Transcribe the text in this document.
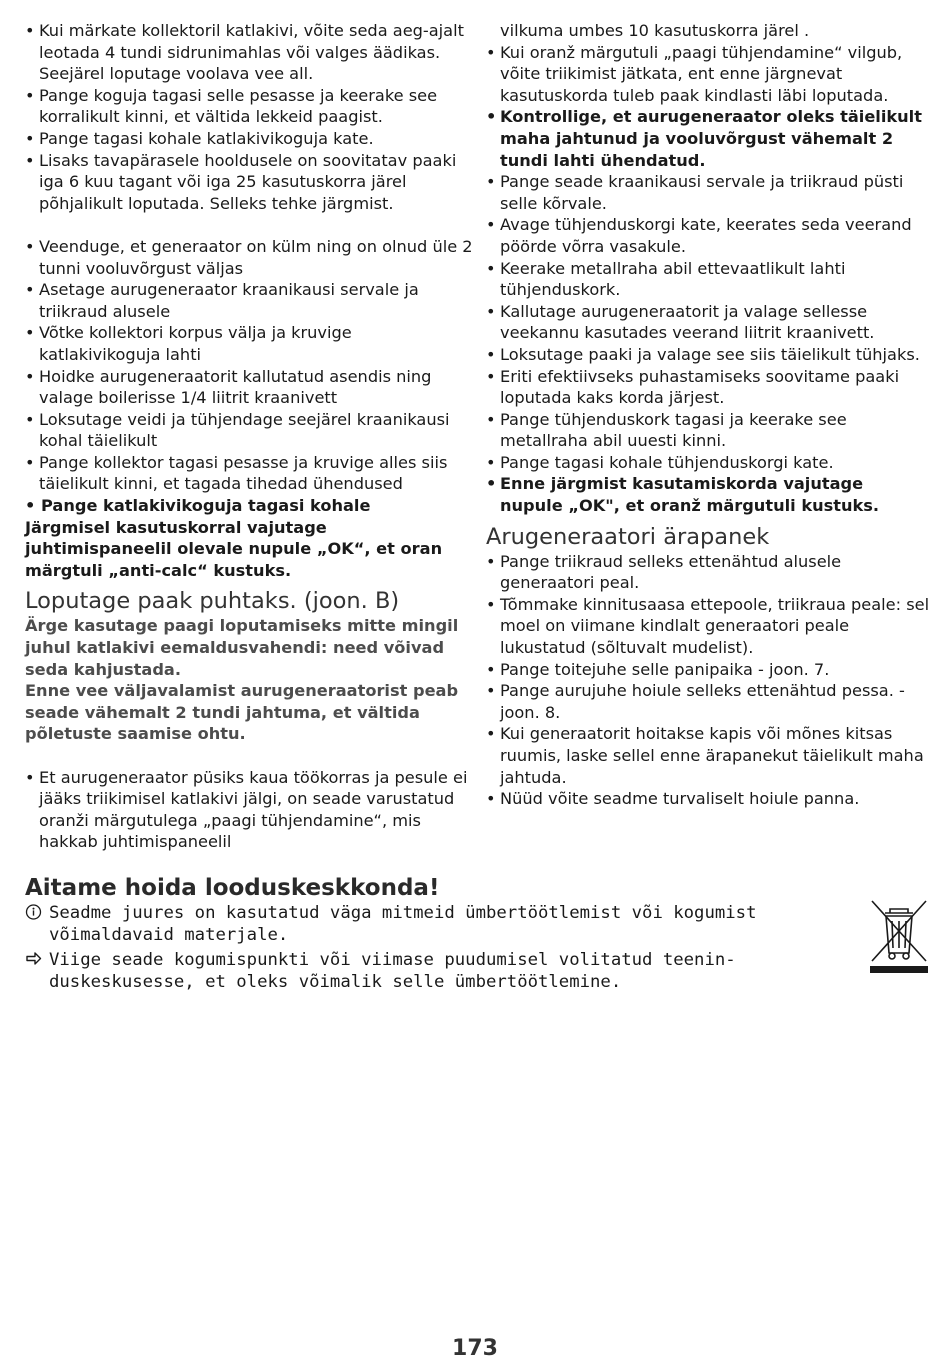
• Kui märkate kollektoril katlakivi, võite seda aeg-ajalt leotada 4 tundi sidrunimahlas või valges äädikas. Seejärel loputage voolava vee all.
• Pange koguja tagasi selle pesasse ja keerake see korralikult kinni, et vältida lekkeid paagist.
• Pange tagasi kohale katlakivikoguja kate.
• Lisaks tavapärasele hooldusele on soovitatav paaki iga 6 kuu tagant või iga 25 kasutuskorra järel põhjalikult loputada. Selleks tehke järgmist.
• Veenduge, et generaator on külm ning on olnud üle 2 tunni vooluvõrgust väljas
• Asetage aurugeneraator kraanikausi servale ja triikraud alusele
• Võtke kollektori korpus välja ja kruvige katlakivikoguja lahti
• Hoidke aurugeneraatorit kallutatud asendis ning valage boilerisse 1/4 liitrit kraanivett
• Loksutage veidi ja tühjendage seejärel kraanikausi kohal täielikult
• Pange kollektor tagasi pesasse ja kruvige alles siis täielikult kinni, et tagada tihedad ühendused
• Pange katlakivikoguja tagasi kohale

Järgmisel kasutuskorral vajutage juhtimispaneelil olevale nupule „OK“, et oran märgtuli „anti-calc“ kustuks.

Loputage paak puhtaks. (joon. B)

Ärge kasutage paagi loputamiseks mitte mingil juhul katlakivi eemaldusvahendi: need võivad seda kahjustada.

Enne vee väljavalamist aurugeneraatorist peab seade vähemalt 2 tundi jahtuma, et vältida põletuste saamise ohtu.

• Et aurugeneraator püsiks kaua töökorras ja pesule ei jääks triikimisel katlakivi jälgi, on seade varustatud oranži märgutulega „paagi tühjendamine“, mis hakkab juhtimispaneelil

vilkuma umbes 10 kasutuskorra järel .

• Kui oranž märgutuli „paagi tühjendamine“ vilgub, võite triikimist jätkata, ent enne järgnevat kasutuskorda tuleb paak kindlasti läbi loputada.
• Kontrollige, et aurugeneraator oleks täielikult maha jahtunud ja vooluvõrgust vähemalt 2 tundi lahti ühendatud.
• Pange seade kraanikausi servale ja triikraud püsti selle kõrvale.
• Avage tühjenduskorgi kate, keerates seda veerand pöörde võrra vasakule.
• Keerake metallraha abil ettevaatlikult lahti tühjenduskork.
• Kallutage aurugeneraatorit ja valage sellesse veekannu kasutades veerand liitrit kraanivett.
• Loksutage paaki ja valage see siis täielikult tühjaks.
• Eriti efektiivseks puhastamiseks soovitame paaki loputada kaks korda järjest.
• Pange tühjenduskork tagasi ja keerake see metallraha abil uuesti kinni.
• Pange tagasi kohale tühjenduskorgi kate.
• Enne järgmist kasutamiskorda vajutage nupule „OK", et oranž märgutuli kustuks.
Arugeneraatori ärapanek
• Pange triikraud selleks ettenähtud alusele generaatori peal.
• Tõmmake kinnitusaasa ettepoole, triikraua peale: sel moel on viimane kindlalt generaatori peale lukustatud (sõltuvalt mudelist).
• Pange toitejuhe selle panipaika - joon. 7.
• Pange aurujuhe hoiule selleks ettenähtud pessa. - joon. 8.
• Kui generaatorit hoitakse kapis või mõnes kitsas ruumis, laske sellel enne ärapanekut täielikult maha jahtuda.
• Nüüd võite seadme turvaliselt hoiule panna.
Aitame hoida looduskeskkonda!
Seadme juures on kasutatud väga mitmeid ümbertöötlemist või kogumist võimaldavaid materjale.
Viige seade kogumispunkti või viimase puudumisel volitatud teenin-duskeskusesse, et oleks võimalik selle ümbertöötlemine.
173
